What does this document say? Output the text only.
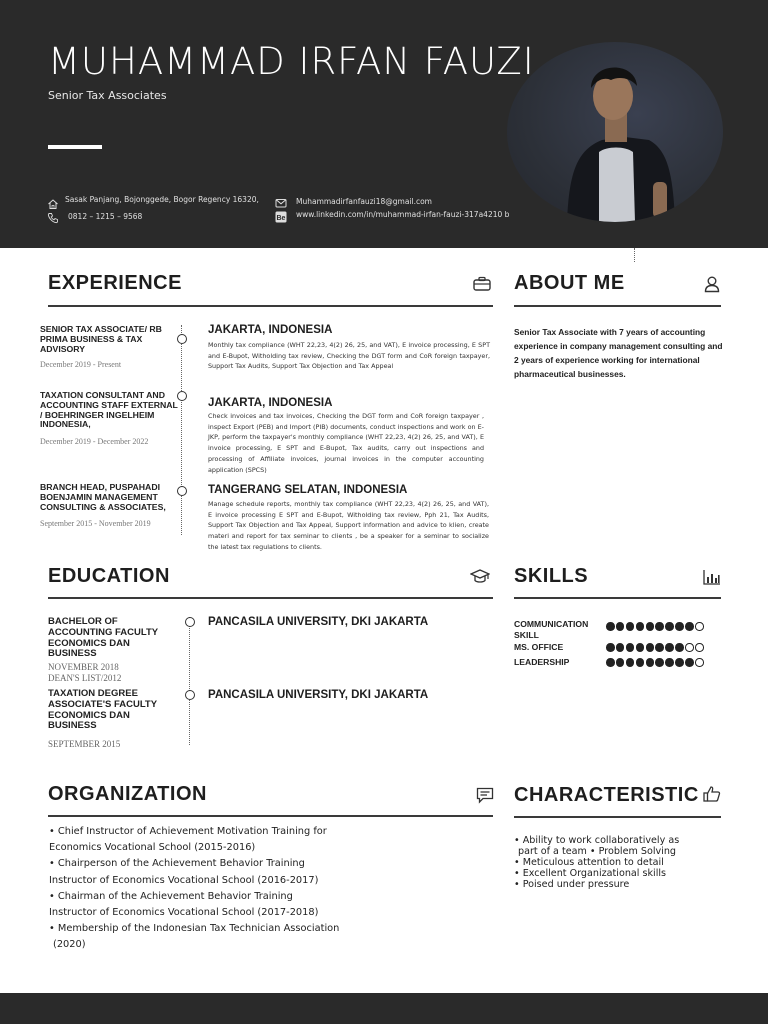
MUHAMMAD IRFAN FAUZI
Senior Tax Associates
Sasak Panjang, Bojonggede, Bogor Regency 16320,
0812 – 1215 – 9568
Muhammadirfanfauzi18@gmail.com
Be www.linkedin.com/in/muhammad-irfan-fauzi-317a4210 b
EXPERIENCE
SENIOR TAX ASSOCIATE/ RB PRIMA BUSINESS & TAX ADVISORY
December 2019 - Present
JAKARTA, INDONESIA
Monthly tax compliance (WHT 22,23, 4(2) 26, 25, and VAT), E invoice processing, E SPT and E-Bupot, Witholding tax review, Checking the DGT form and CoR foreign taxpayer, Support Tax Audits, Support Tax Objection and Tax Appeal
TAXATION CONSULTANT AND ACCOUNTING STAFF EXTERNAL / BOEHRINGER INGELHEIM INDONESIA,
December 2019 - December 2022
JAKARTA, INDONESIA
Check invoices and tax invoices, Checking the DGT form and CoR foreign taxpayer , inspect Export (PEB) and Import (PIB) documents, conduct inspections and work on E-JKP, perform the taxpayer's monthly compliance (WHT 22,23, 4(2) 26, 25, and VAT), E invoice processing, E SPT and E-Bupot, Tax audits, carry out inspections and processing of Affiliate invoices, journal invoices in the computer accounting application (SPCS)
BRANCH HEAD, PUSPAHADI BOENJAMIN MANAGEMENT CONSULTING & ASSOCIATES,
September 2015 - November 2019
TANGERANG SELATAN, INDONESIA
Manage schedule reports, monthly tax compliance (WHT 22,23, 4(2) 26, 25, and VAT), E invoice processing E SPT and E-Bupot, Witholding tax review, Pph 21, Tax Audits, Support Tax Objection and Tax Appeal, Support information and advice to klien, create materi and report for tax seminar to clients , be a speaker for a seminar to socialize the latest tax regulations to clients.
ABOUT ME
Senior Tax Associate with 7 years of accounting experience in company management consulting and 2 years of experience working for international pharmaceutical businesses.
EDUCATION
BACHELOR OF ACCOUNTING FACULTY ECONOMICS DAN BUSINESS
NOVEMBER 2018
DEAN'S LIST/2012
PANCASILA UNIVERSITY, DKI JAKARTA
TAXATION DEGREE ASSOCIATE'S FACULTY ECONOMICS DAN BUSINESS
SEPTEMBER 2015
PANCASILA UNIVERSITY, DKI JAKARTA
SKILLS
COMMUNICATION SKILL
MS. OFFICE
LEADERSHIP
ORGANIZATION
• Chief Instructor of Achievement Motivation Training for
Economics Vocational School (2015-2016)
• Chairperson of the Achievement Behavior Training
Instructor of Economics Vocational School (2016-2017)
• Chairman of the Achievement Behavior Training
Instructor of Economics Vocational School (2017-2018)
• Membership of the Indonesian Tax Technician Association
(2020)
CHARACTERISTIC
• Ability to work collaboratively as
part of a team • Problem Solving
• Meticulous attention to detail
• Excellent Organizational skills
• Poised under pressure
